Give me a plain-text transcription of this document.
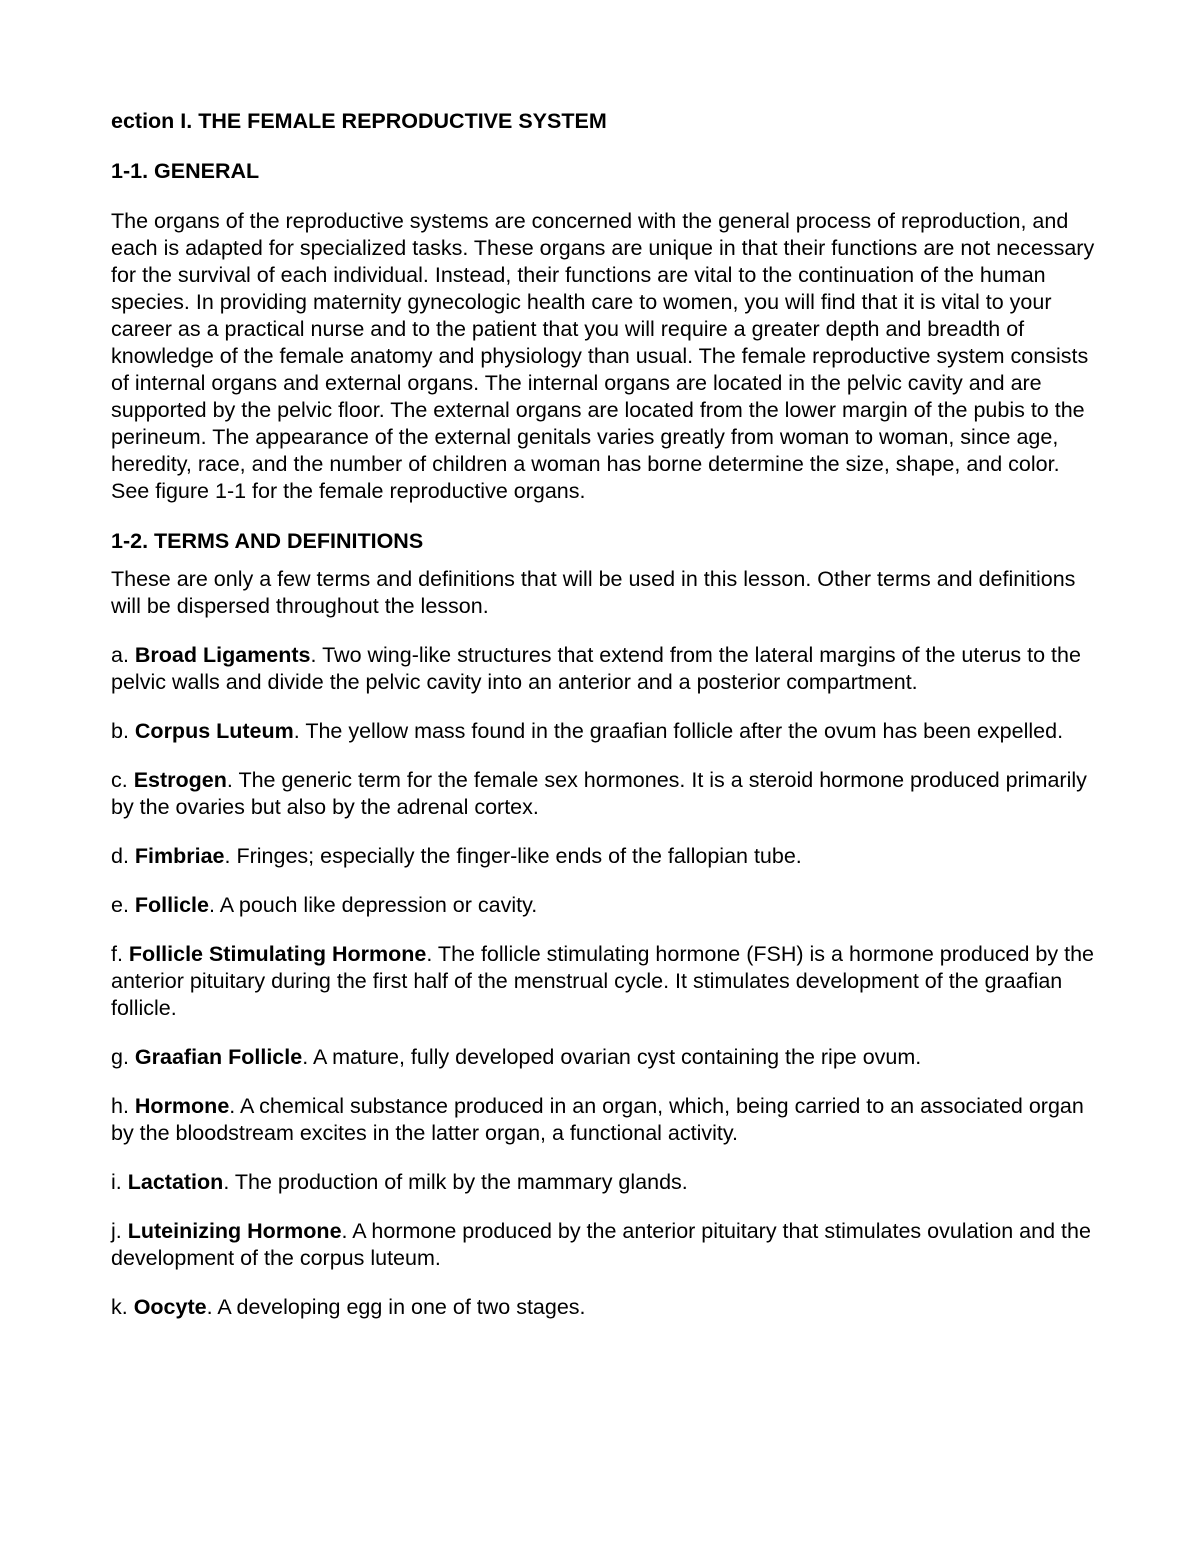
ection I. THE FEMALE REPRODUCTIVE SYSTEM
1-1. GENERAL

The organs of the reproductive systems are concerned with the general process of reproduction, and each is adapted for specialized tasks. These organs are unique in that their functions are not necessary for the survival of each individual. Instead, their functions are vital to the continuation of the human species. In providing maternity gynecologic health care to women, you will find that it is vital to your career as a practical nurse and to the patient that you will require a greater depth and breadth of knowledge of the female anatomy and physiology than usual. The female reproductive system consists of internal organs and external organs. The internal organs are located in the pelvic cavity and are supported by the pelvic floor. The external organs are located from the lower margin of the pubis to the perineum. The appearance of the external genitals varies greatly from woman to woman, since age, heredity, race, and the number of children a woman has borne determine the size, shape, and color. See figure 1-1 for the female reproductive organs.

1-2. TERMS AND DEFINITIONS

These are only a few terms and definitions that will be used in this lesson. Other terms and definitions will be dispersed throughout the lesson.

a. Broad Ligaments. Two wing-like structures that extend from the lateral margins of the uterus to the pelvic walls and divide the pelvic cavity into an anterior and a posterior compartment.

b. Corpus Luteum. The yellow mass found in the graafian follicle after the ovum has been expelled.

c. Estrogen. The generic term for the female sex hormones. It is a steroid hormone produced primarily by the ovaries but also by the adrenal cortex.

d. Fimbriae. Fringes; especially the finger-like ends of the fallopian tube.

e. Follicle. A pouch like depression or cavity.

f. Follicle Stimulating Hormone. The follicle stimulating hormone (FSH) is a hormone produced by the anterior pituitary during the first half of the menstrual cycle. It stimulates development of the graafian follicle.

g. Graafian Follicle. A mature, fully developed ovarian cyst containing the ripe ovum.

h. Hormone. A chemical substance produced in an organ, which, being carried to an associated organ by the bloodstream excites in the latter organ, a functional activity.

i. Lactation. The production of milk by the mammary glands.

j. Luteinizing Hormone. A hormone produced by the anterior pituitary that stimulates ovulation and the development of the corpus luteum.

k. Oocyte. A developing egg in one of two stages.
